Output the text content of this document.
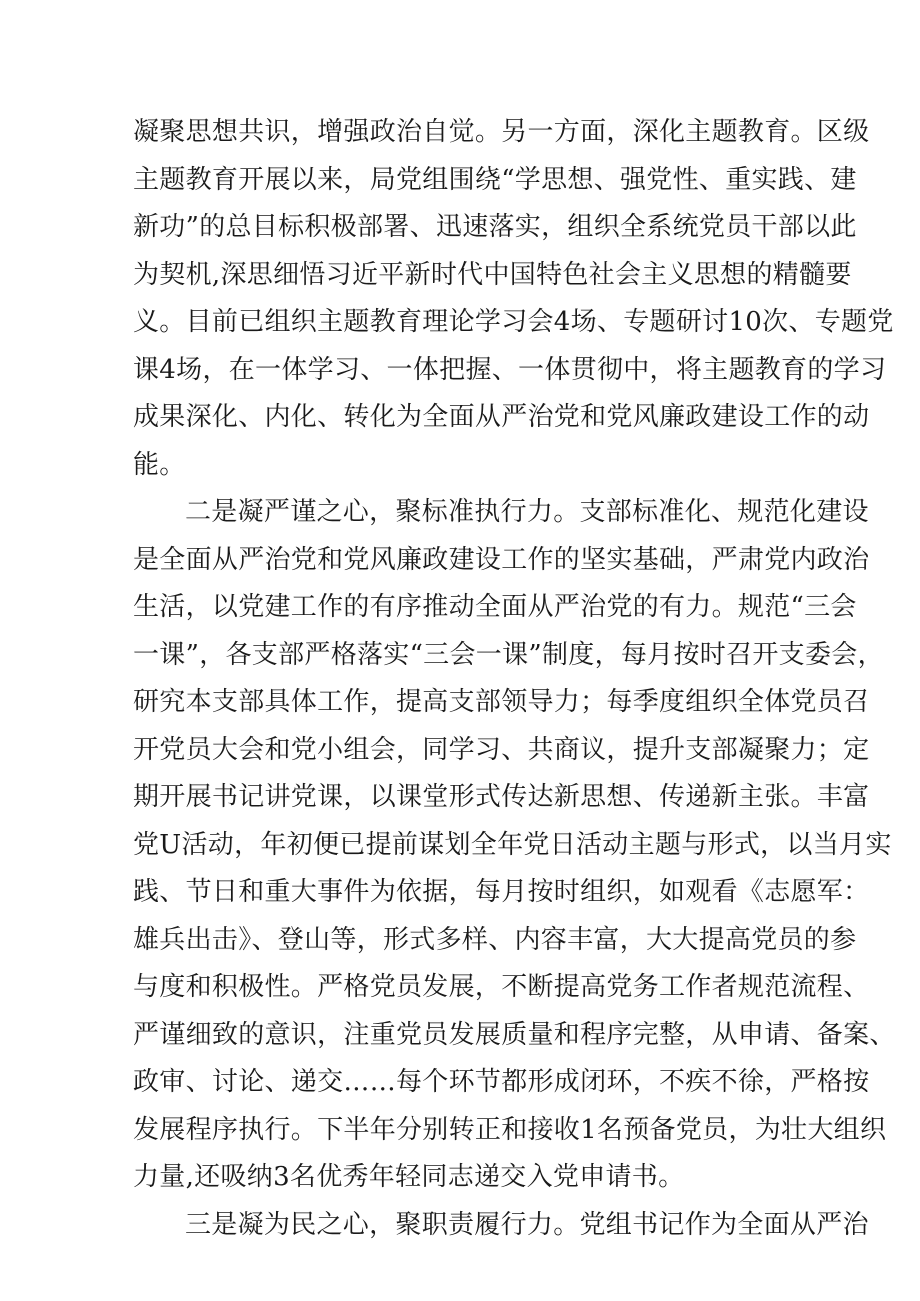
凝聚思想共识，增强政治自觉。另一方面，深化主题教育。区级
主题教育开展以来，局党组围绕“学思想、强党性、重实践、建
新功”的总目标积极部署、迅速落实，组织全系统党员干部以此
为契机,深思细悟习近平新时代中国特色社会主义思想的精髓要
义。目前已组织主题教育理论学习会4场、专题研讨10次、专题党
课4场，在一体学习、一体把握、一体贯彻中，将主题教育的学习
成果深化、内化、转化为全面从严治党和党风廉政建设工作的动
能。
二是凝严谨之心，聚标准执行力。支部标准化、规范化建设
是全面从严治党和党风廉政建设工作的坚实基础，严肃党内政治
生活，以党建工作的有序推动全面从严治党的有力。规范“三会
一课”，各支部严格落实“三会一课”制度，每月按时召开支委会，
研究本支部具体工作，提高支部领导力；每季度组织全体党员召
开党员大会和党小组会，同学习、共商议，提升支部凝聚力；定
期开展书记讲党课，以课堂形式传达新思想、传递新主张。丰富
党U活动，年初便已提前谋划全年党日活动主题与形式，以当月实
践、节日和重大事件为依据，每月按时组织，如观看《志愿军：
雄兵出击》、登山等，形式多样、内容丰富，大大提高党员的参
与度和积极性。严格党员发展，不断提高党务工作者规范流程、
严谨细致的意识，注重党员发展质量和程序完整，从申请、备案、
政审、讨论、递交……每个环节都形成闭环，不疾不徐，严格按
发展程序执行。下半年分别转正和接收1名预备党员，为壮大组织
力量,还吸纳3名优秀年轻同志递交入党申请书。
三是凝为民之心，聚职责履行力。党组书记作为全面从严治
